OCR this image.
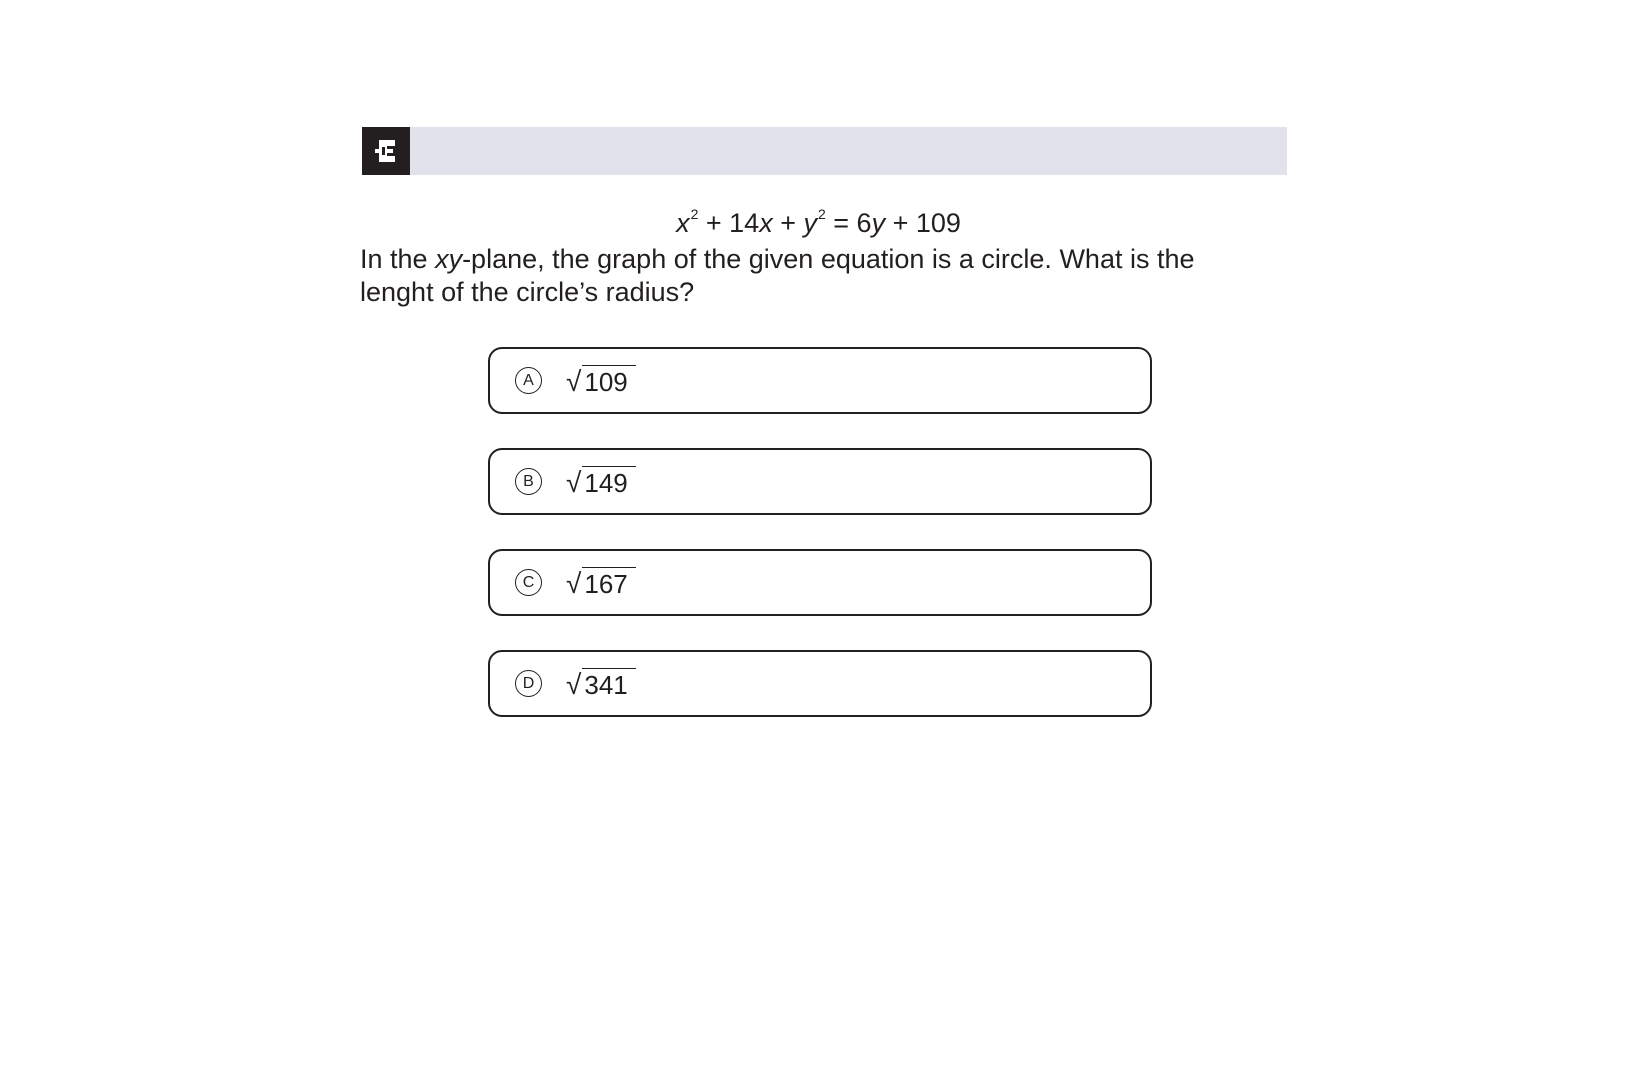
$x^2 + 14x + y^2 = 6y + 109$
In the xy-plane, the graph of the given equation is a circle. What is the lenght of the circle’s radius?
A √ 109
B √ 149
C √ 167
D √ 341
